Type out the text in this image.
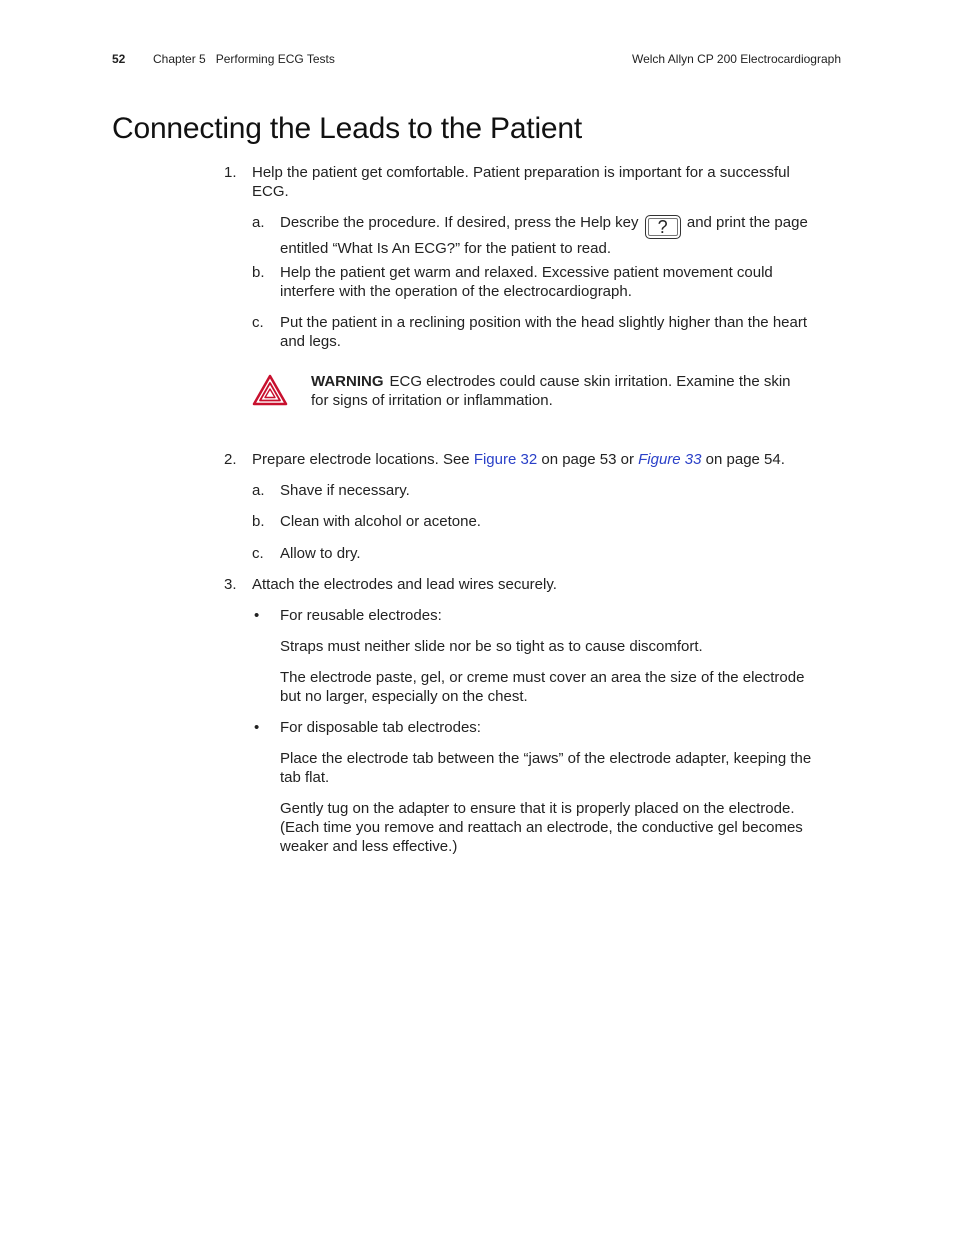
52 Chapter 5   Performing ECG Tests	Welch Allyn CP 200 Electrocardiograph
Connecting the Leads to the Patient
1. Help the patient get comfortable. Patient preparation is important for a successful
ECG.

a. Describe the procedure. If desired, press the Help key ? and print the page
entitled “What Is An ECG?” for the patient to read.

b. Help the patient get warm and relaxed. Excessive patient movement could
interfere with the operation of the electrocardiograph.

c. Put the patient in a reclining position with the head slightly higher than the heart
and legs.

WARNING ECG electrodes could cause skin irritation. Examine the skin
for signs of irritation or inflammation.

2. Prepare electrode locations. See Figure 32 on page 53 or Figure 33 on page 54.

a. Shave if necessary.

b. Clean with alcohol or acetone.

c. Allow to dry.

3. Attach the electrodes and lead wires securely.

• For reusable electrodes:

Straps must neither slide nor be so tight as to cause discomfort.

The electrode paste, gel, or creme must cover an area the size of the electrode
but no larger, especially on the chest.

• For disposable tab electrodes:

Place the electrode tab between the “jaws” of the electrode adapter, keeping the
tab flat.

Gently tug on the adapter to ensure that it is properly placed on the electrode.
(Each time you remove and reattach an electrode, the conductive gel becomes
weaker and less effective.)
